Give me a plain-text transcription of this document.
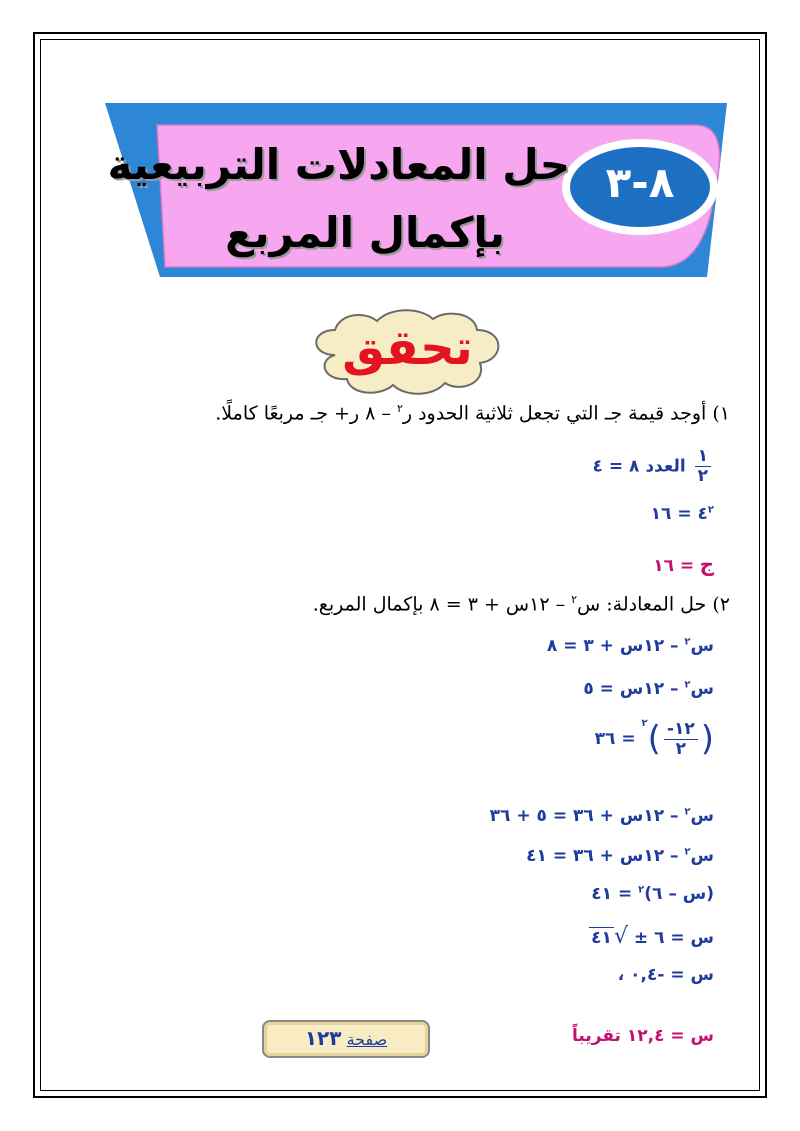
٨-٣
حل المعادلات التربيعية
بإكمال المربع
تحقق
١) أوجد قيمة جـ التي تجعل ثلاثية الحدود ر$^٢$ – ٨ ر+ جـ مربعًا كاملًا.
$\frac{١}{٢}$
العدد ٨ = ٤
$٤^٢$ = ١٦
ج = ١٦
٢) حل المعادلة: س$^٢$ – ١٢س + ٣ = ٨ بإكمال المربع.
س$^٢$ – ١٢س + ٣ = ٨
س$^٢$ – ١٢س = ٥
(
$\frac{١٢-}{٢}$
)$^٢$ = ٣٦
س$^٢$ – ١٢س + ٣٦ = ٥ + ٣٦
س$^٢$ – ١٢س + ٣٦ = ٤١
(س – ٦)$^٢$ = ٤١
س = ٦ ± √٤١
س = -٠,٤ ،
س = ١٢,٤ تقريباً
صفحة ١٢٣
